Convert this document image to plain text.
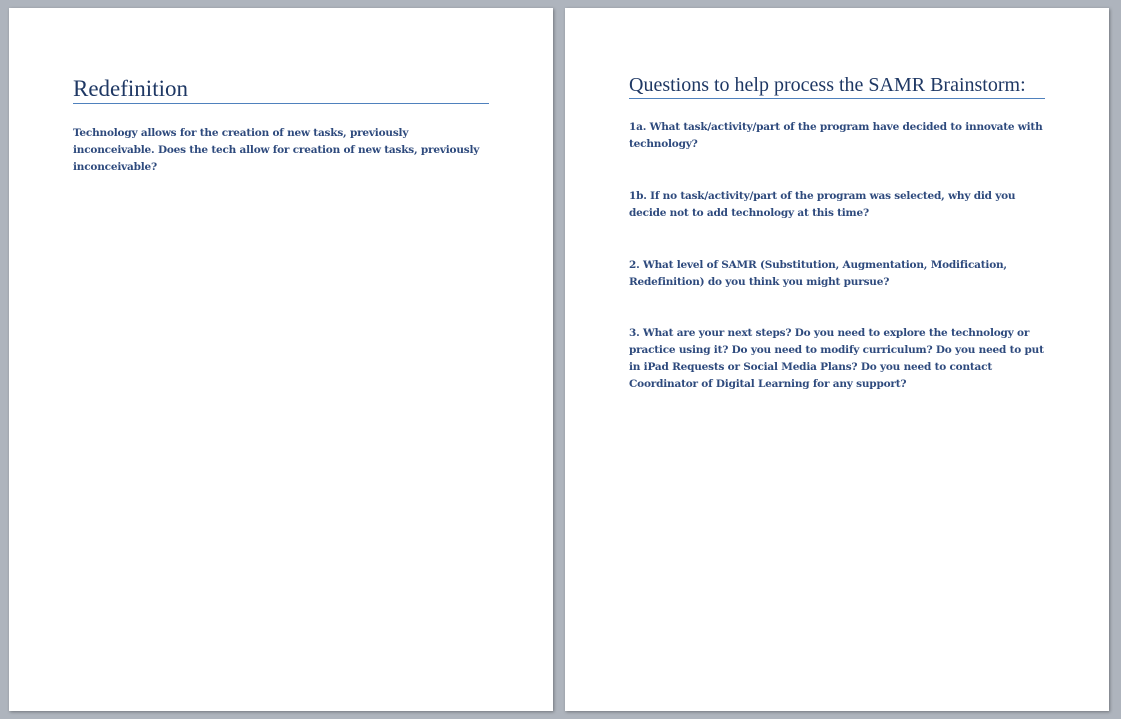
Redefinition

Technology allows for the creation of new tasks, previously inconceivable. Does the tech allow for creation of new tasks, previously inconceivable?

Questions to help process the SAMR Brainstorm:

1a. What task/activity/part of the program have decided to innovate with technology?

1b. If no task/activity/part of the program was selected, why did you decide not to add technology at this time?

2. What level of SAMR (Substitution, Augmentation, Modification, Redefinition) do you think you might pursue?

3. What are your next steps? Do you need to explore the technology or practice using it? Do you need to modify curriculum? Do you need to put in iPad Requests or Social Media Plans? Do you need to contact Coordinator of Digital Learning for any support?
